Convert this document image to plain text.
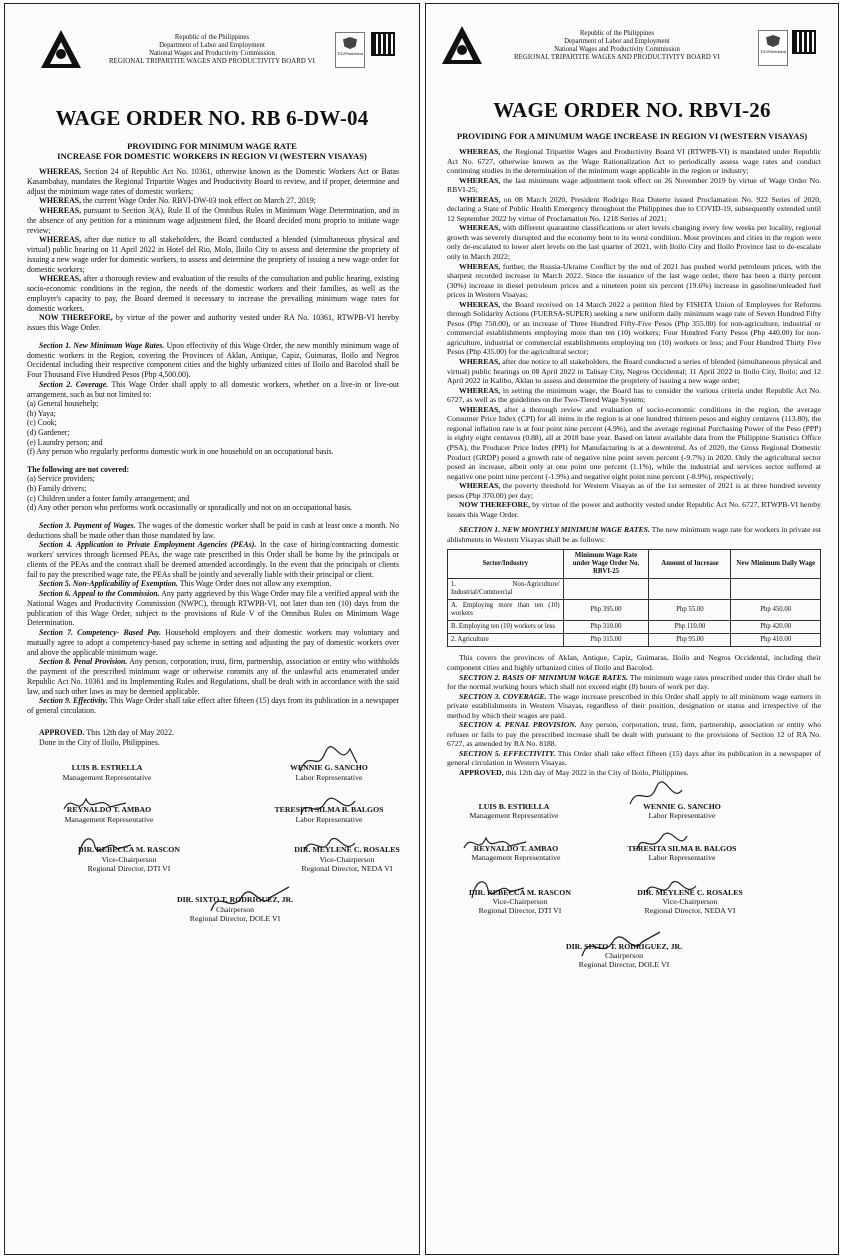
Republic of the Philippines
Department of Labor and Employment
National Wages and Productivity Commission
REGIONAL TRIPARTITE WAGES AND PRODUCTIVITY BOARD VI
TÜVRheinland
WAGE ORDER NO. RB 6-DW-04
PROVIDING FOR MINIMUM WAGE RATE
INCREASE FOR DOMESTIC WORKERS IN REGION VI (WESTERN VISAYAS)

WHEREAS, Section 24 of Republic Act No. 10361, otherwise known as the Domestic Workers Act or Batas Kasambahay, mandates the Regional Tripartite Wages and Productivity Board to review, and if proper, determine and adjust the minimum wage rates of domestic workers;

WHEREAS, the current Wage Order No. RBVI-DW-03 took effect on March 27, 2019;

WHEREAS, pursuant to Section 3(A), Rule II of the Omnibus Rules in Minimum Wage Determination, and in the absence of any petition for a minimum wage adjustment filed, the Board decided motu proprio to initiate wage review;

WHEREAS, after due notice to all stakeholders, the Board conducted a blended (simultaneous physical and virtual) public hearing on 11 April 2022 in Hotel del Rio, Molo, Iloilo City to assess and determine the propriety of issuing a new wage order for domestic workers, to assess and determine the propriety of issuing a new wage order for domestic workers;

WHEREAS, after a thorough review and evaluation of the results of the consultation and public hearing, existing socio-economic conditions in the region, the needs of the domestic workers and their families, as well as the employer's capacity to pay, the Board deemed it necessary to increase the prevailing minimum wage rates for domestic workers.

NOW THEREFORE, by virtue of the power and authority vested under RA No. 10361, RTWPB-VI hereby issues this Wage Order.

Section 1. New Minimum Wage Rates. Upon effectivity of this Wage Order, the new monthly minimum wage of domestic workers in the Region, covering the Provinces of Aklan, Antique, Capiz, Guimaras, Iloilo and Negros Occidental including their respective component cities and the highly urbanized cities of Iloilo and Bacolod shall be Four Thousand Five Hundred Pesos (Php 4,500.00).

Section 2. Coverage. This Wage Order shall apply to all domestic workers, whether on a live-in or live-out arrangement, such as but not limited to:

(a) General househelp;
(b) Yaya;
(c) Cook;
(d) Gardener;
(e) Laundry person; and
(f) Any person who regularly performs domestic work in one household on an occupational basis.
The following are not covered:
(a) Service providers;
(b) Family drivers;
(c) Children under a foster family arrangement; and
(d) Any other person who performs work occasionally or sporadically and not on an occupational basis.

Section 3. Payment of Wages. The wages of the domestic worker shall be paid in cash at least once a month. No deductions shall be made other than those mandated by law.

Section 4. Application to Private Employment Agencies (PEAs). In the case of hiring/contracting domestic workers' services through licensed PEAs, the wage rate prescribed in this Order shall be borne by the principals or clients of the PEAs and the contract shall be deemed amended accordingly. In the event that the principals or clients fail to pay the prescribed wage rate, the PEAs shall be jointly and severally liable with their principal or client.

Section 5. Non-Applicability of Exemption. This Wage Order does not allow any exemption.

Section 6. Appeal to the Commission. Any party aggrieved by this Wage Order may file a verified appeal with the National Wages and Productivity Commission (NWPC), through RTWPB-VI, not later than ten (10) days from the publication of this Wage Order, subject to the provisions of Rule V of the Omnibus Rules on Minimum Wage Determination.

Section 7. Competency- Based Pay. Household employers and their domestic workers may voluntary and mutually agree to adopt a competency-based pay scheme in setting and adjusting the pay of domestic workers over and above the applicable minimum wage.

Section 8. Penal Provision. Any person, corporation, trust, firm, partnership, association or entity who withholds the payment of the prescribed minimum wage or otherwise commits any of the unlawful acts enumerated under Republic Act No. 10361 and its Implementing Rules and Regulations, shall be dealt with in accordance with the said law, and such other laws as may be deemed applicable.

Section 9. Effectivity. This Wage Order shall take effect after fifteen (15) days from its publication in a newspaper of general circulation.

APPROVED. This 12th day of May 2022.

Done in the City of Iloilo, Philippines.

LUIS B. ESTRELLA
Management Representative
WENNIE G. SANCHO
Labor Representative
REYNALDO T. AMBAO
Management Representative
TERESITA SILMA B. BALGOS
Labor Representative
DIR. REBECCA M. RASCON
Vice-Chairperson
Regional Director, DTI VI
DIR. MEYLENE C. ROSALES
Vice-Chairperson
Regional Director, NEDA VI
DIR. SIXTO T. RODRIGUEZ, JR.
Chairperson
Regional Director, DOLE VI
Republic of the Philippines
Department of Labor and Employment
National Wages and Productivity Commission
REGIONAL TRIPARTITE WAGES AND PRODUCTIVITY BOARD VI
TÜVRheinland
WAGE ORDER NO. RBVI-26
PROVIDING FOR A MINUMUM WAGE INCREASE IN REGION VI (WESTERN VISAYAS)

WHEREAS, the Regional Tripartite Wages and Productivity Board VI (RTWPB-VI) is mandated under Republic Act No. 6727, otherwise known as the Wage Rationalization Act to periodically assess wage rates and conduct continuing studies in the determination of the minimum wage applicable in the region or industry;

WHEREAS, the last minimum wage adjustment took effect on 26 November 2019 by virtue of Wage Order No. RBVI-25;

WHEREAS, on 08 March 2020, President Rodrigo Roa Duterte issued Proclamation No. 922 Series of 2020, declaring a State of Public Health Emergency throughout the Philippines due to COVID-19, subsequently extended until 12 September 2022 by virtue of Proclamation No. 1218 Series of 2021;

WHEREAS, with different quarantine classifications or alert levels changing every few weeks per locality, regional growth was severely disrupted and the economy bent to its worst condition. Most provinces and cities in the region were only de-escalated to lower alert levels on the last quarter of 2021, with Iloilo City and Iloilo Province last to de-escalate only in March 2022;

WHEREAS, further, the Russia-Ukraine Conflict by the end of 2021 has pushed world petroleum prices, with the sharpest recorded increase in March 2022. Since the issuance of the last wage order, there has been a thirty percent (30%) increase in diesel petroleum prices and a nineteen point six percent (19.6%) increase in gasoline/unleaded fuel prices in Western Visayas;

WHEREAS, the Board received on 14 March 2022 a petition filed by FISHTA Union of Employees for Reforms through Solidarity Actions (FUERSA-SUPER) seeking a new uniform daily minimum wage rate of Seven Hundred Fifty Pesos (Php 750.00), or an increase of Three Hundred Fifty-Five Pesos (Php 355.00) for non-agriculture, industrial or commercial establishments employing more than ten (10) workers; Four Hundred Forty Pesos (Php 440.00) for non-agriculture, industrial or commercial establishments employing ten (10) workers or less; and Four Hundred Thirty Five Pesos (Php 435.00) for the agricultural sector;

WHEREAS, after due notice to all stakeholders, the Board conducted a series of blended (simultaneous physical and virtual) public hearings on 08 April 2022 in Talisay City, Negros Occidental; 11 April 2022 in Iloilo City, Iloilo; and 12 April 2022 in Kalibo, Aklan to assess and determine the propriety of issuing a new wage order;

WHEREAS, in setting the minimum wage, the Board has to consider the various criteria under Republic Act No. 6727, as well as the guidelines on the Two-Tiered Wage System;

WHEREAS, after a thorough review and evaluation of socio-economic conditions in the region, the average Consumer Price Index (CPI) for all items in the region is at one hundred thirteen pesos and eighty centavos (113.80), the regional inflation rate is at four point nine percent (4.9%), and the average regional Purchasing Power of the Peso (PPP) is eighty eight centavos (0.88), all at 2018 base year. Based on latest available data from the Philippine Statistics Office (PSA), the Producer Price Index (PPI) for Manufacturing is at a downtrend. As of 2020, the Gross Regional Domestic Product (GRDP) posed a growth rate of negative nine point seven percent (-9.7%) in 2020. Only the agricultural sector posed an increase, albeit only at one point one percent (1.1%), while the industrial and services sector suffered at negative one point nine percent (-1.9%) and negative eight point nine percent (-8.9%), respectively;

WHEREAS, the poverty threshold for Western Visayas as of the 1st semester of 2021 is at three hundred seventy pesos (Php 370.00) per day;

NOW THEREFORE, by virtue of the power and authority vested under Republic Act No. 6727, RTWPB-VI hereby issues this Wage Order.

SECTION 1. NEW MONTHLY MINIMUM WAGE RATES. The new minimum wage rate for workers in private est ablishments in Western Visayas shall be as follows:

Sector/Industry	Minimum Wage Rate under Wage Order No. RBVI-25	Amount of Increase	New Minimum Daily Wage
1. Non-Agriculture/ Industrial/Commercial			
A. Employing more than ten (10) workers	Php 395.00	Php 55.00	Php 450.00
B. Employing ten (10) workers or less	Php 310.00	Php 110.00	Php 420.00
2. Agriculture	Php 315.00	Php 95.00	Php 410.00

This covers the provinces of Aklan, Antique, Capiz, Guimaras, Iloilo and Negros Occidental, including their component cities and highly urbanized cities of Iloilo and Bacolod.

SECTION 2. BASIS OF MINIMUM WAGE RATES. The minimum wage rates prescribed under this Order shall be for the normal working hours which shall not exceed eight (8) hours of work per day.

SECTION 3. COVERAGE. The wage increase prescribed in this Order shall apply to all minimum wage earners in private establishments in Western Visayas, regardless of their position, designation or status and irrespective of the method by which their wages are paid.

SECTION 4. PENAL PROVISION. Any person, corporation, trust, firm, partnership, association or entity who refuses or fails to pay the prescribed increase shall be dealt with pursuant to the provisions of Section 12 of RA No. 6727, as amended by RA No. 8188.

SECTION 5. EFFECTIVITY. This Order shall take effect fifteen (15) days after its publication in a newspaper of general circulation in Western Visayas.

APPROVED, this 12th day of May 2022 in the City of Iloilo, Philippines.

LUIS B. ESTRELLA
Management Representative
WENNIE G. SANCHO
Labor Representative
REYNALDO T. AMBAO
Management Representative
TERESITA SILMA B. BALGOS
Labor Representative
DIR. REBECCA M. RASCON
Vice-Chairperson
Regional Director, DTI VI
DIR. MEYLENE C. ROSALES
Vice-Chairperson
Regional Director, NEDA VI
DIR. SIXTO T. RODRIGUEZ, JR.
Chairperson
Regional Director, DOLE VI
